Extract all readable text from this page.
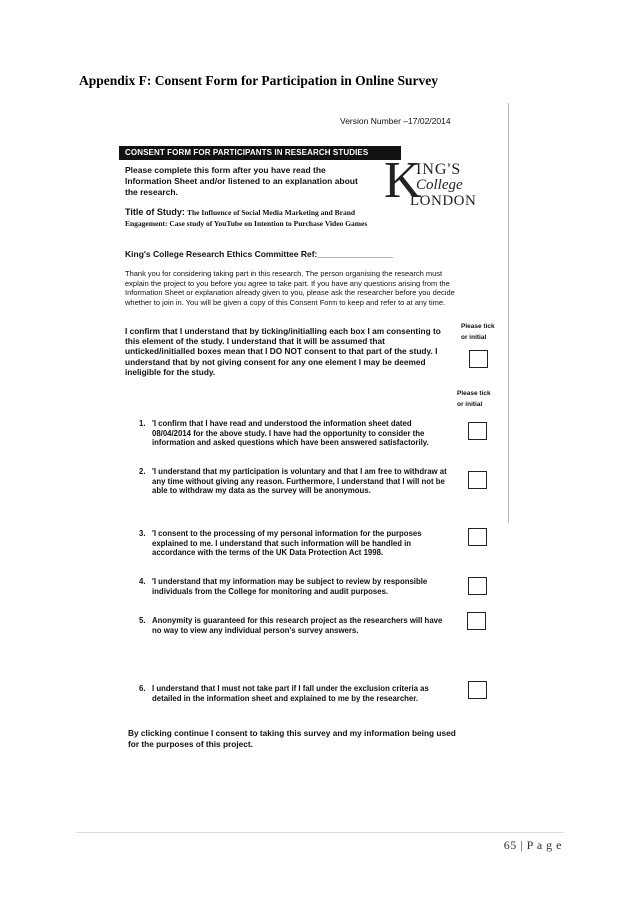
Appendix F: Consent Form for Participation in Online Survey
Version Number –17/02/2014
CONSENT FORM FOR PARTICIPANTS IN RESEARCH STUDIES K
ING'S
College
LONDON
Please complete this form after you have read the Information Sheet and/or listened to an explanation about the research.
Title of Study: The Influence of Social Media Marketing and Brand Engagement: Case study of YouTube on Intention to Purchase Video Games
King's College Research Ethics Committee Ref:________________
Thank you for considering taking part in this research. The person organising the research must explain the project to you before you agree to take part. If you have any questions arising from the Information Sheet or explanation already given to you, please ask the researcher before you decide whether to join in. You will be given a copy of this Consent Form to keep and refer to at any time.
I confirm that I understand that by ticking/initialling each box I am consenting to this element of the study. I understand that it will be assumed that unticked/initialled boxes mean that I DO NOT consent to that part of the study. I understand that by not giving consent for any one element I may be deemed ineligible for the study.
Please tick
or initial
Please tick
or initial
1. 'I confirm that I have read and understood the information sheet dated 08/04/2014 for the above study. I have had the opportunity to consider the information and asked questions which have been answered satisfactorily.
2. 'I understand that my participation is voluntary and that I am free to withdraw at any time without giving any reason. Furthermore, I understand that I will not be able to withdraw my data as the survey will be anonymous.
3. 'I consent to the processing of my personal information for the purposes explained to me. I understand that such information will be handled in accordance with the terms of the UK Data Protection Act 1998.
4. 'I understand that my information may be subject to review by responsible individuals from the College for monitoring and audit purposes.
5. Anonymity is guaranteed for this research project as the researchers will have no way to view any individual person's survey answers.
6. I understand that I must not take part if I fall under the exclusion criteria as detailed in the information sheet and explained to me by the researcher.
By clicking continue I consent to taking this survey and my information being used for the purposes of this project.
65 | P a g e
